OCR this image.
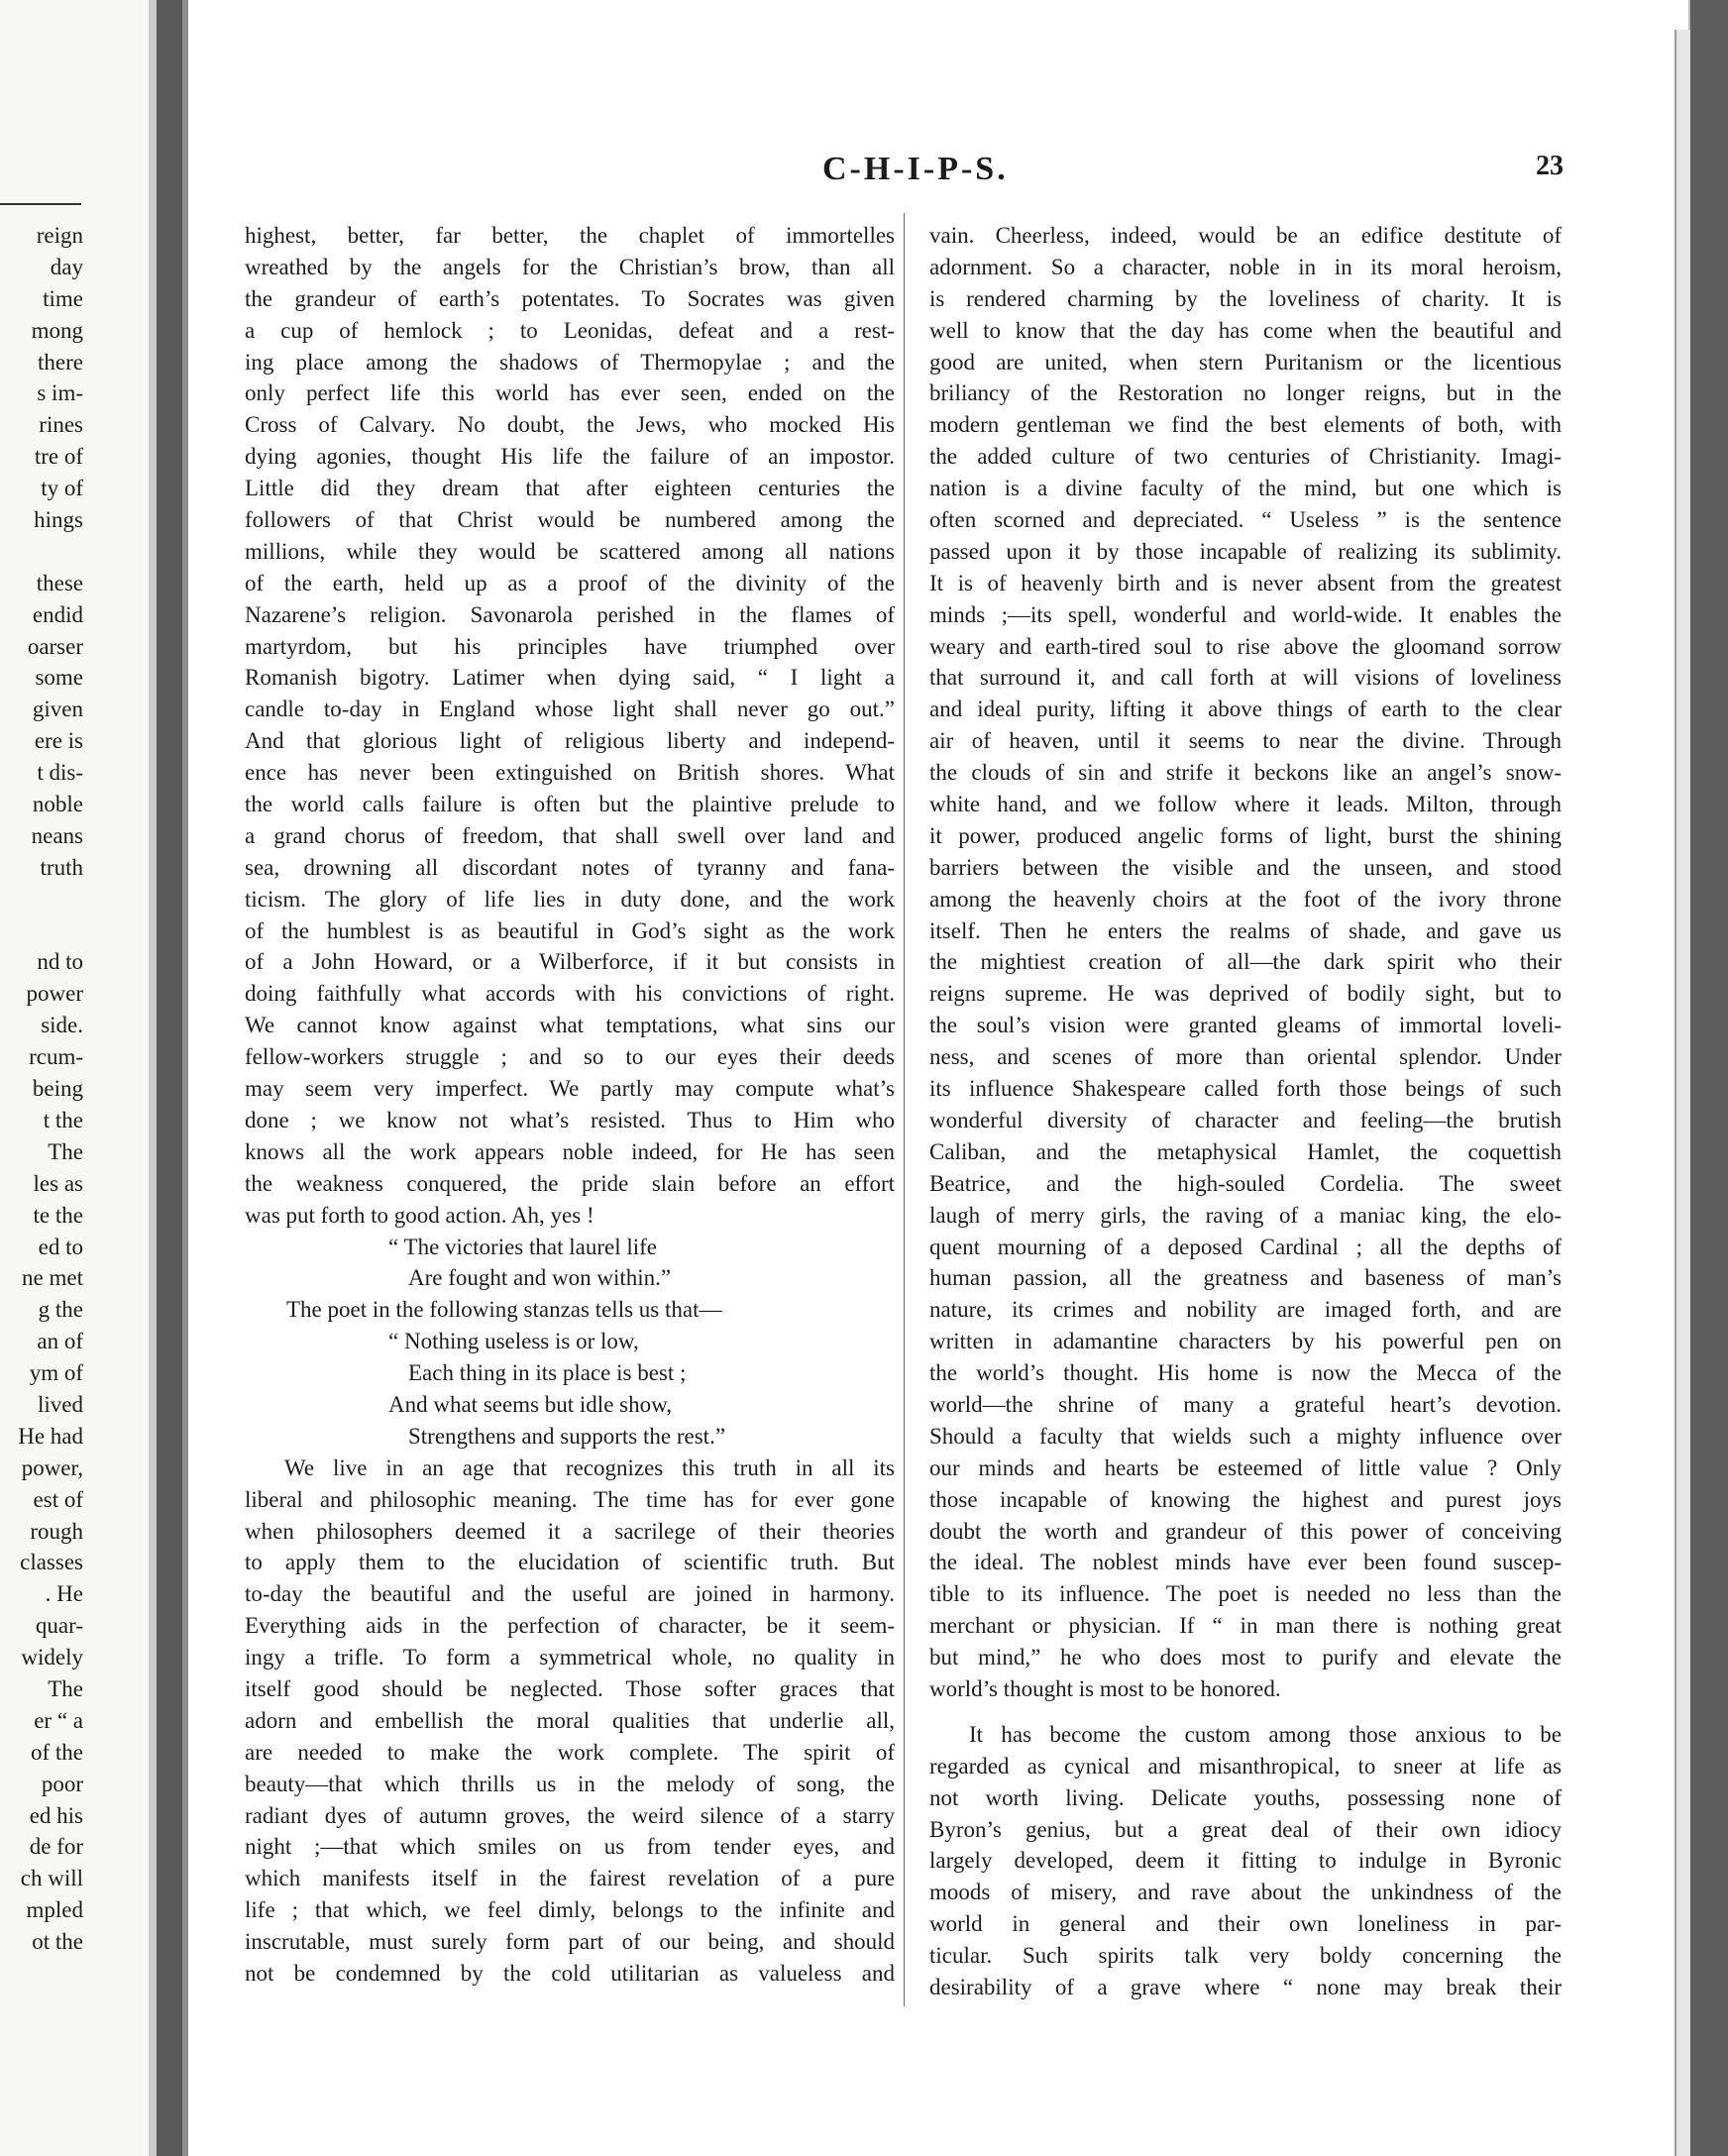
reign
day
time
mong
there
s im-
rines
tre of
ty of
hings
these
endid
oarser
some
given
ere is
t dis-
noble
neans
truth
nd to
power
side.
rcum-
being
t the
The
les as
te the
ed to
ne met
g the
an of
ym of
lived
He had
power,
est of
rough
classes
. He
quar-
widely
The
er “ a
of the
poor
ed his
de for
ch will
mpled
ot the
C-H-I-P-S.	23
highest, better, far better, the chaplet of immortelles
wreathed by the angels for the Christian’s brow, than all
the grandeur of earth’s potentates. To Socrates was given
a cup of hemlock ; to Leonidas, defeat and a rest-
ing place among the shadows of Thermopylae ; and the
only perfect life this world has ever seen, ended on the
Cross of Calvary. No doubt, the Jews, who mocked His
dying agonies, thought His life the failure of an impostor.
Little did they dream that after eighteen centuries the
followers of that Christ would be numbered among the
millions, while they would be scattered among all nations
of the earth, held up as a proof of the divinity of the
Nazarene’s religion. Savonarola perished in the flames of
martyrdom, but his principles have triumphed over
Romanish bigotry. Latimer when dying said, “ I light a
candle to-day in England whose light shall never go out.”
And that glorious light of religious liberty and independ-
ence has never been extinguished on British shores. What
the world calls failure is often but the plaintive prelude to
a grand chorus of freedom, that shall swell over land and
sea, drowning all discordant notes of tyranny and fana-
ticism. The glory of life lies in duty done, and the work
of the humblest is as beautiful in God’s sight as the work
of a John Howard, or a Wilberforce, if it but consists in
doing faithfully what accords with his convictions of right.
We cannot know against what temptations, what sins our
fellow-workers struggle ; and so to our eyes their deeds
may seem very imperfect. We partly may compute what’s
done ; we know not what’s resisted. Thus to Him who
knows all the work appears noble indeed, for He has seen
the weakness conquered, the pride slain before an effort
was put forth to good action. Ah, yes !
“ The victories that laurel life
Are fought and won within.”
The poet in the following stanzas tells us that—
“ Nothing useless is or low,
Each thing in its place is best ;
And what seems but idle show,
Strengthens and supports the rest.”
We live in an age that recognizes this truth in all its
liberal and philosophic meaning. The time has for ever gone
when philosophers deemed it a sacrilege of their theories
to apply them to the elucidation of scientific truth. But
to-day the beautiful and the useful are joined in harmony.
Everything aids in the perfection of character, be it seem-
ingy a trifle. To form a symmetrical whole, no quality in
itself good should be neglected. Those softer graces that
adorn and embellish the moral qualities that underlie all,
are needed to make the work complete. The spirit of
beauty—that which thrills us in the melody of song, the
radiant dyes of autumn groves, the weird silence of a starry
night ;—that which smiles on us from tender eyes, and
which manifests itself in the fairest revelation of a pure
life ; that which, we feel dimly, belongs to the infinite and
inscrutable, must surely form part of our being, and should
not be condemned by the cold utilitarian as valueless and
vain. Cheerless, indeed, would be an edifice destitute of
adornment. So a character, noble in in its moral heroism,
is rendered charming by the loveliness of charity. It is
well to know that the day has come when the beautiful and
good are united, when stern Puritanism or the licentious
briliancy of the Restoration no longer reigns, but in the
modern gentleman we find the best elements of both, with
the added culture of two centuries of Christianity. Imagi-
nation is a divine faculty of the mind, but one which is
often scorned and depreciated. “ Useless ” is the sentence
passed upon it by those incapable of realizing its sublimity.
It is of heavenly birth and is never absent from the greatest
minds ;—its spell, wonderful and world-wide. It enables the
weary and earth-tired soul to rise above the gloomand sorrow
that surround it, and call forth at will visions of loveliness
and ideal purity, lifting it above things of earth to the clear
air of heaven, until it seems to near the divine. Through
the clouds of sin and strife it beckons like an angel’s snow-
white hand, and we follow where it leads. Milton, through
it power, produced angelic forms of light, burst the shining
barriers between the visible and the unseen, and stood
among the heavenly choirs at the foot of the ivory throne
itself. Then he enters the realms of shade, and gave us
the mightiest creation of all—the dark spirit who their
reigns supreme. He was deprived of bodily sight, but to
the soul’s vision were granted gleams of immortal loveli-
ness, and scenes of more than oriental splendor. Under
its influence Shakespeare called forth those beings of such
wonderful diversity of character and feeling—the brutish
Caliban, and the metaphysical Hamlet, the coquettish
Beatrice, and the high-souled Cordelia. The sweet
laugh of merry girls, the raving of a maniac king, the elo-
quent mourning of a deposed Cardinal ; all the depths of
human passion, all the greatness and baseness of man’s
nature, its crimes and nobility are imaged forth, and are
written in adamantine characters by his powerful pen on
the world’s thought. His home is now the Mecca of the
world—the shrine of many a grateful heart’s devotion.
Should a faculty that wields such a mighty influence over
our minds and hearts be esteemed of little value ? Only
those incapable of knowing the highest and purest joys
doubt the worth and grandeur of this power of conceiving
the ideal. The noblest minds have ever been found suscep-
tible to its influence. The poet is needed no less than the
merchant or physician. If “ in man there is nothing great
but mind,” he who does most to purify and elevate the
world’s thought is most to be honored.
It has become the custom among those anxious to be
regarded as cynical and misanthropical, to sneer at life as
not worth living. Delicate youths, possessing none of
Byron’s genius, but a great deal of their own idiocy
largely developed, deem it fitting to indulge in Byronic
moods of misery, and rave about the unkindness of the
world in general and their own loneliness in par-
ticular. Such spirits talk very boldy concerning the
desirability of a grave where “ none may break their
